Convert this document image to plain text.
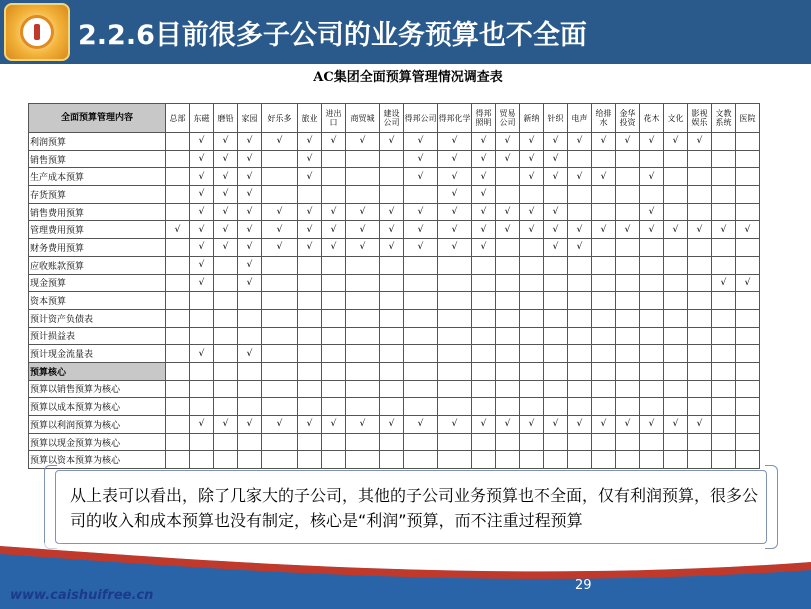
2.2.6目前很多子公司的业务预算也不全面
AC集团全面预算管理情况调查表
全面预算管理内容	总部	东磁	磨铅	家园	好乐多	旅业	进出口	商贸城	建设公司	得邦公司	得邦化学	得邦照明	贸易公司	新纳	针织	电声	给排水	金华投资	花木	文化	影视娱乐	文教系统	医院
利润预算		√	√	√	√	√	√	√	√	√	√	√	√	√	√	√	√	√	√	√	√		
销售预算		√	√	√		√				√	√	√	√	√	√								
生产成本预算		√	√	√		√				√	√	√		√	√	√	√		√				
存货预算		√	√	√							√	√											
销售费用预算		√	√	√	√	√	√	√	√	√	√	√	√	√	√				√				
管理费用预算	√	√	√	√	√	√	√	√	√	√	√	√	√	√	√	√	√	√	√	√	√	√	√
财务费用预算		√	√	√	√	√	√	√	√	√	√	√			√	√							
应收账款预算		√		√																			
现金预算		√		√																		√	√
资本预算																							
预计资产负债表																							
预计损益表																							
预计现金流量表		√		√																			
预算核心																							
预算以销售预算为核心																							
预算以成本预算为核心																							
预算以利润预算为核心		√	√	√	√	√	√	√	√	√	√	√	√	√	√	√	√	√	√	√	√		
预算以现金预算为核心																							
预算以资本预算为核心																							
从上表可以看出，除了几家大的子公司，其他的子公司业务预算也不全面，仅有利润预算，很多公司的收入和成本预算也没有制定，核心是“利润”预算，而不注重过程预算
www.caishuifree.cn
29
